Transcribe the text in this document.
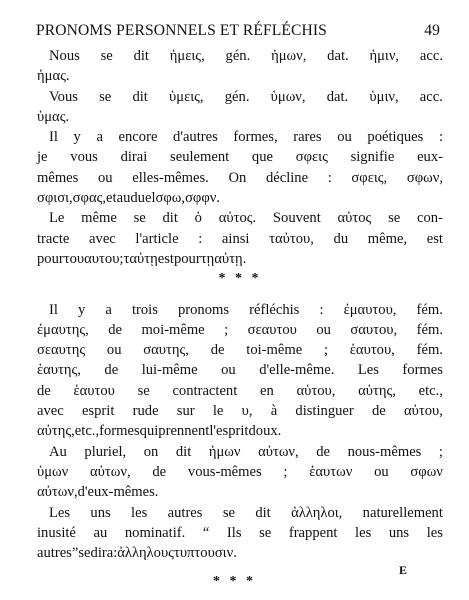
PRONOMS PERSONNELS ET RÉFLÉCHIS	49
Nous se dit ἡμεις, gén. ἡμων, dat. ἡμιν, acc.
ἡμας.
Vous se dit ὑμεις, gén. ὑμων, dat. ὑμιν, acc.
ὑμας.
Il y a encore d'autres formes, rares ou poétiques :
je vous dirai seulement que σφεις signifie eux-
mêmes ou elles-mêmes. On décline : σφεις, σφων,
σφισι, σφας, et au duel σφω, σφφν.
Le même se dit ὁ αὐτος. Souvent αὐτος se con-
tracte avec l'article : ainsi ταὐτου, du même, est
pour του αυτου ; ταὐτῃ est pour τῃ αὐτῃ.
* * *
Il y a trois pronoms réfléchis : ἐμαυτου, fém.
ἐμαυτης, de moi-même ; σεαυτου ou σαυτου, fém.
σεαυτης ou σαυτης, de toi-même ; ἑαυτου, fém.
ἑαυτης, de lui-même ou d'elle-même. Les formes
de ἑαυτου se contractent en αὑτου, αὑτης, etc.,
avec esprit rude sur le υ, à distinguer de αὐτου,
αὐτης, etc., formes qui prennent l'esprit doux.
Au pluriel, on dit ἡμων αὐτων, de nous-mêmes ;
ὑμων αὐτων, de vous-mêmes ; ἑαυτων ou σφων
αὐτων, d'eux-mêmes.
Les uns les autres se dit ἀλληλοι, naturellement
inusité au nominatif. “ Ils se frappent les uns les
autres ” se dira : ἀλληλους τυπτουσιν.
E
* * *
